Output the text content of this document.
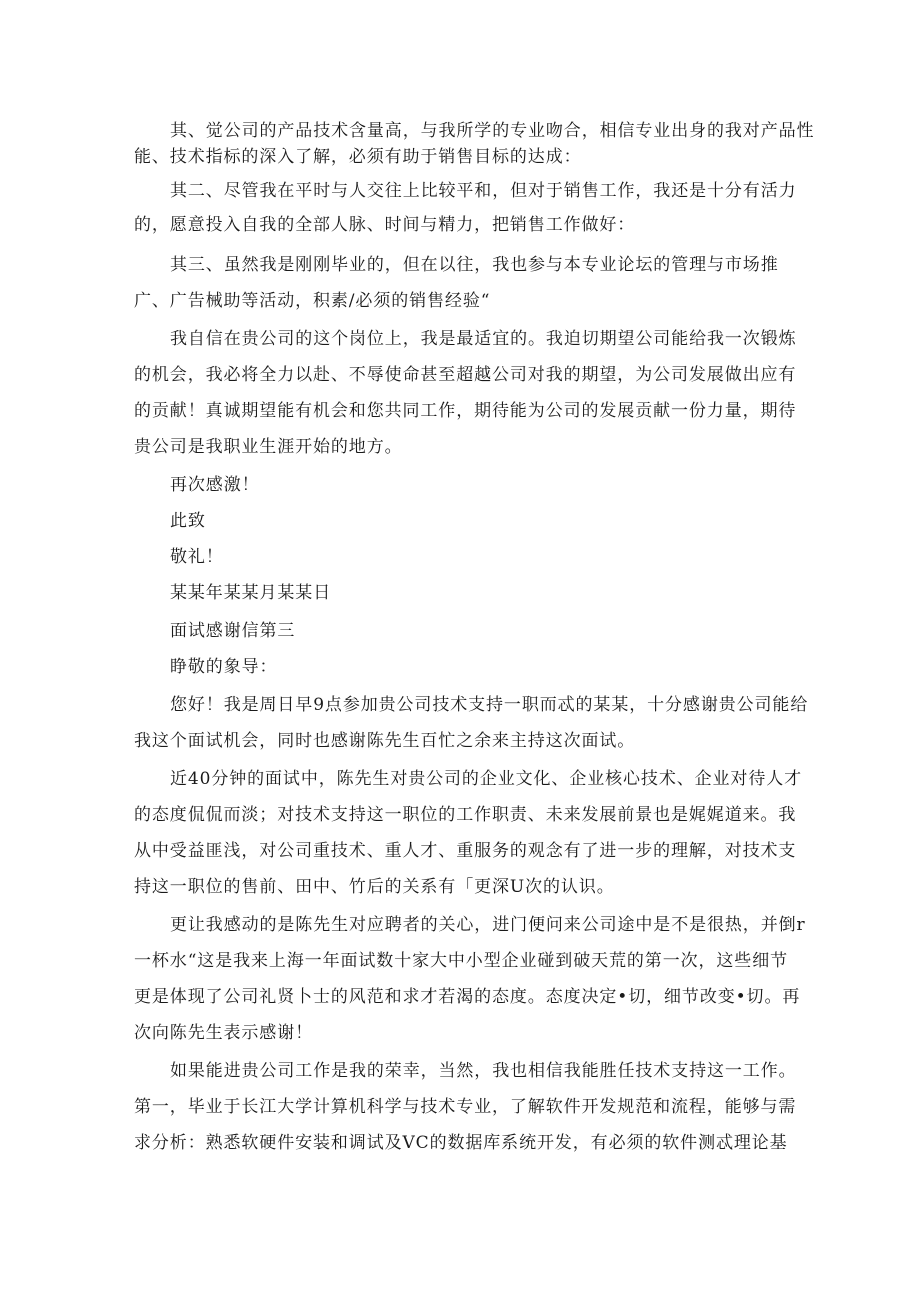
其、觉公司的产品技术含量高，与我所学的专业吻合，相信专业出身的我对产品性
能、技术指标的深入了解，必须有助于销售目标的达成：
其二、尽管我在平时与人交往上比较平和，但对于销售工作，我还是十分有活力
的，愿意投入自我的全部人脉、时间与精力，把销售工作做好：
其三、虽然我是刚刚毕业的，但在以往，我也参与本专业论坛的管理与市场推
广、广告械助等活动，积素/必须的销售经验“
我自信在贵公司的这个岗位上，我是最适宜的。我迫切期望公司能给我一次锻炼
的机会，我必将全力以赴、不辱使命甚至超越公司对我的期望，为公司发展做出应有
的贡献！真诚期望能有机会和您共同工作，期待能为公司的发展贡献一份力量，期待
贵公司是我职业生涯开始的地方。
再次感激！
此致
敬礼！
某某年某某月某某日
面试感谢信第三
睁敬的象导：
您好！我是周日早9点参加贵公司技术支持一职而忒的某某，十分感谢贵公司能给
我这个面试机会，同时也感谢陈先生百忙之余来主持这次面试。
近40分钟的面试中，陈先生对贵公司的企业文化、企业核心技术、企业对待人才
的态度侃侃而淡；对技术支持这一职位的工作职责、未来发展前景也是娓娓道来。我
从中受益匪浅，对公司重技术、重人才、重服务的观念有了进一步的理解，对技术支
持这一职位的售前、田中、竹后的关系有「更深U次的认识。
更让我感动的是陈先生对应聘者的关心，进门便问来公司途中是不是很热，并倒r
一杯水“这是我来上海一年面试数十家大中小型企业碰到破天荒的第一次，这些细节
更是体现了公司礼贤卜士的风范和求才若渴的态度。态度决定•切，细节改变•切。再
次向陈先生表示感谢！
如果能进贵公司工作是我的荣幸，当然，我也相信我能胜任技术支持这一工作。
第一，毕业于长江大学计算机科学与技术专业，了解软件开发规范和流程，能够与需
求分析：熟悉软硬件安装和调试及VC的数据库系统开发，有必须的软件测忒理论基
